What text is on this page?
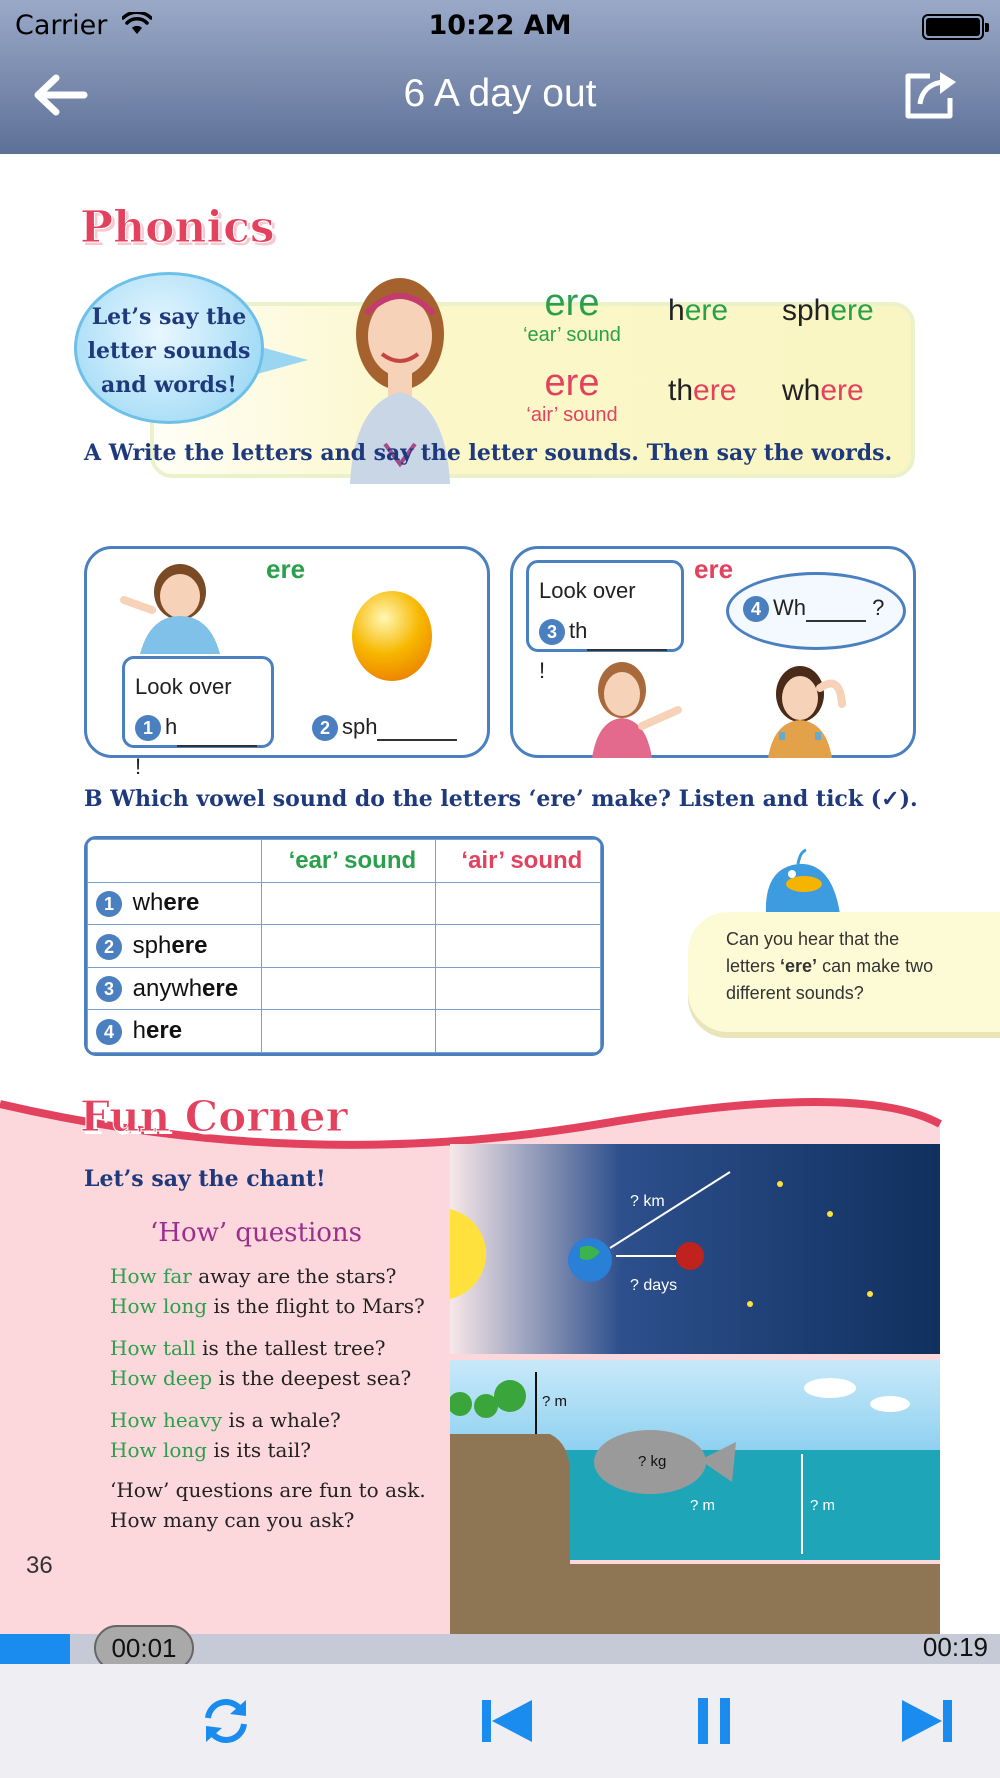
Carrier	10:22 AM
6 A day out
Phonics
Let’s say the
letter sounds
and words!
ere
‘ear’ sound
ere
‘air’ sound
here sphere
there where
A Write the letters and say the letter sounds. Then say the words.
ere
Look over
1 h!
2 sph
ere
Look over
3 th!
4 Wh	?
B Which vowel sound do the letters ‘ere’ make? Listen and tick (✓).
	‘ear’ sound	‘air’ sound
1 where		
2 sphere		
3 anywhere		
4 here		
Can you hear that the
letters ‘ere’ can make two
different sounds?
Fun Corner
Let’s say the chant!
‘How’ questions
How far away are the stars?
How long is the flight to Mars?
How tall is the tallest tree?
How deep is the deepest sea?
How heavy is a whale?
How long is its tail?
‘How’ questions are fun to ask.
How many can you ask?
? km
? days
? m
? kg
? m	? m
36
00:01	00:19
